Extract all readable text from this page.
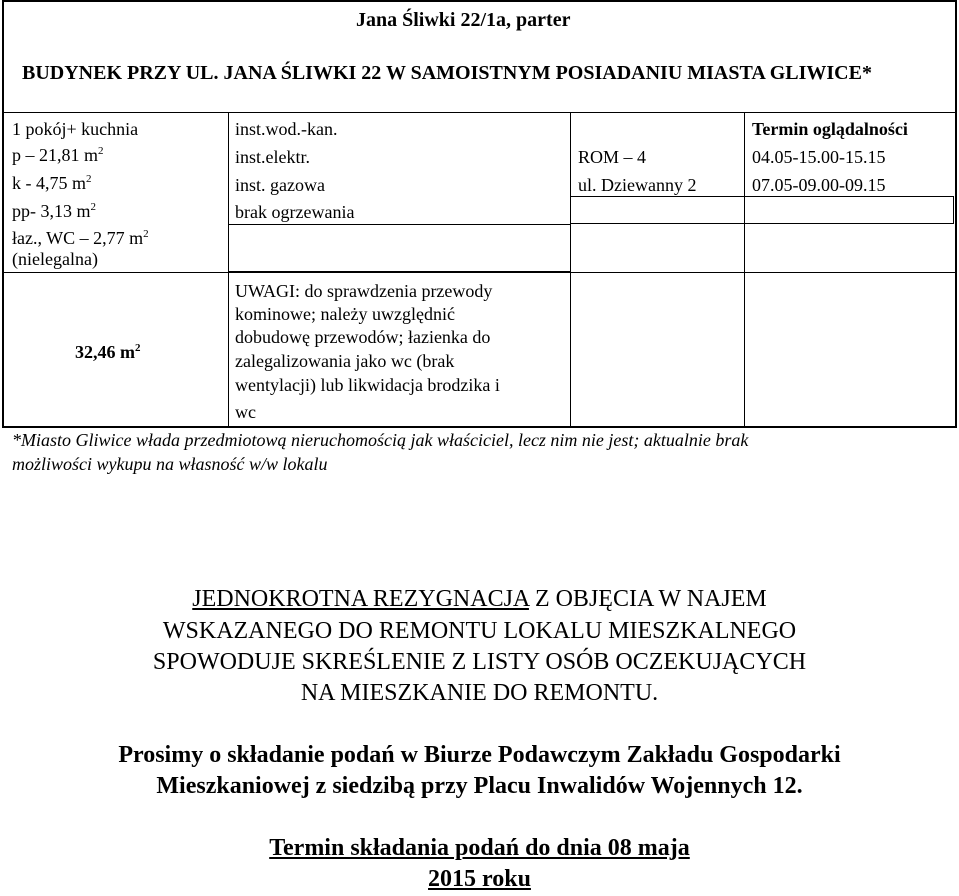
Jana Śliwki 22/1a, parter
BUDYNEK PRZY UL. JANA ŚLIWKI 22 W SAMOISTNYM POSIADANIU MIASTA GLIWICE*
1 pokój+ kuchnia
p – 21,81 $m^2$
k - 4,75 $m^2$
pp- 3,13 $m^2$
łaz., WC – 2,77 $m^2$
(nielegalna)
32,46 $m^2$
inst.wod.-kan.
inst.elektr.
inst. gazowa
brak ogrzewania
ROM – 4
ul. Dziewanny 2
Termin oglądalności
04.05-15.00-15.15
07.05-09.00-09.15
UWAGI: do sprawdzenia przewody
kominowe; należy uwzględnić
dobudowę przewodów; łazienka do
zalegalizowania jako wc (brak
wentylacji) lub likwidacja brodzika i
wc
*Miasto Gliwice włada przedmiotową nieruchomością jak właściciel, lecz nim nie jest; aktualnie brak
możliwości wykupu na własność w/w lokalu
JEDNOKROTNA REZYGNACJA Z OBJĘCIA W NAJEM
WSKAZANEGO DO REMONTU LOKALU MIESZKALNEGO
SPOWODUJE SKREŚLENIE Z LISTY OSÓB OCZEKUJĄCYCH
NA MIESZKANIE DO REMONTU.
Prosimy o składanie podań w Biurze Podawczym Zakładu Gospodarki
Mieszkaniowej z siedzibą przy Placu Inwalidów Wojennych 12.
Termin składania podań do dnia 08 maja
2015 roku
